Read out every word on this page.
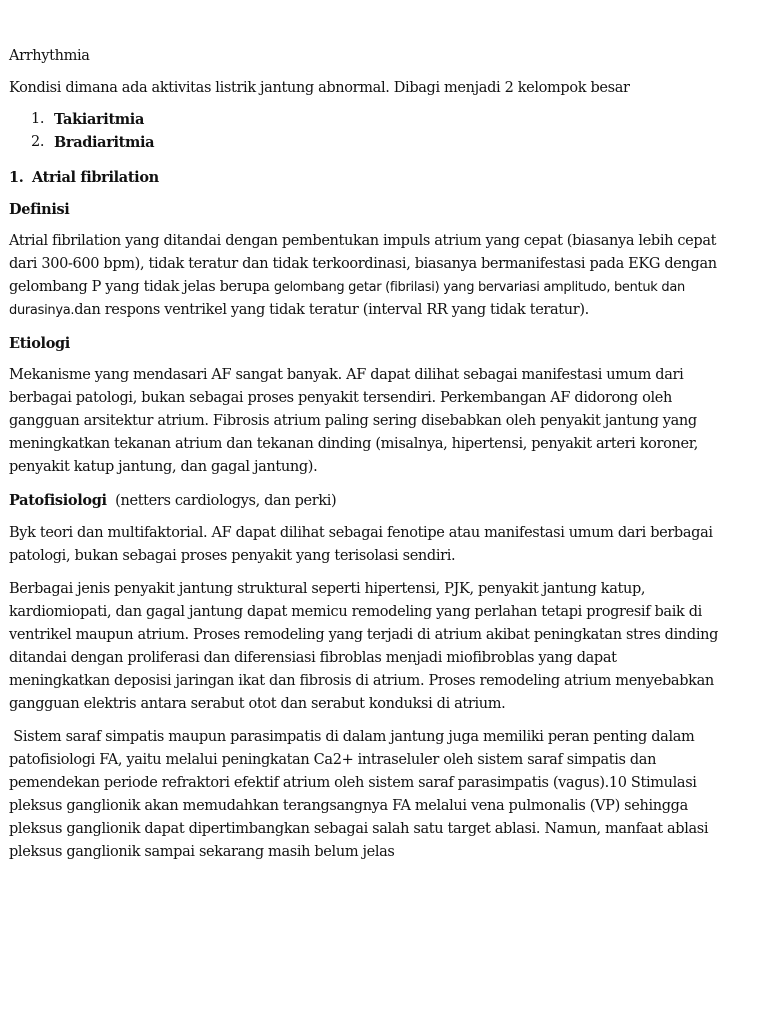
Arrhythmia

Kondisi dimana ada aktivitas listrik jantung abnormal. Dibagi menjadi 2 kelompok besar

1. Takiaritmia
2. Bradiaritmia
1. Atrial fibrilation

Definisi

Atrial fibrilation yang ditandai dengan pembentukan impuls atrium yang cepat (biasanya lebih cepat dari 300-600 bpm), tidak teratur dan tidak terkoordinasi, biasanya bermanifestasi pada EKG dengan gelombang P yang tidak jelas berupa gelombang getar (fibrilasi) yang bervariasi amplitudo, bentuk dan durasinya.dan respons ventrikel yang tidak teratur (interval RR yang tidak teratur).

Etiologi

Mekanisme yang mendasari AF sangat banyak. AF dapat dilihat sebagai manifestasi umum dari berbagai patologi, bukan sebagai proses penyakit tersendiri. Perkembangan AF didorong oleh gangguan arsitektur atrium. Fibrosis atrium paling sering disebabkan oleh penyakit jantung yang meningkatkan tekanan atrium dan tekanan dinding (misalnya, hipertensi, penyakit arteri koroner, penyakit katup jantung, dan gagal jantung).

Patofisiologi  (netters cardiologys, dan perki)

Byk teori dan multifaktorial. AF dapat dilihat sebagai fenotipe atau manifestasi umum dari berbagai patologi, bukan sebagai proses penyakit yang terisolasi sendiri.

Berbagai jenis penyakit jantung struktural seperti hipertensi, PJK, penyakit jantung katup, kardiomiopati, dan gagal jantung dapat memicu remodeling yang perlahan tetapi progresif baik di ventrikel maupun atrium. Proses remodeling yang terjadi di atrium akibat peningkatan stres dinding ditandai dengan proliferasi dan diferensiasi fibroblas menjadi miofibroblas yang dapat meningkatkan deposisi jaringan ikat dan fibrosis di atrium. Proses remodeling atrium menyebabkan gangguan elektris antara serabut otot dan serabut konduksi di atrium.

Sistem saraf simpatis maupun parasimpatis di dalam jantung juga memiliki peran penting dalam patofisiologi FA, yaitu melalui peningkatan Ca2+ intraseluler oleh sistem saraf simpatis dan pemendekan periode refraktori efektif atrium oleh sistem saraf parasimpatis (vagus).10 Stimulasi pleksus ganglionik akan memudahkan terangsangnya FA melalui vena pulmonalis (VP) sehingga pleksus ganglionik dapat dipertimbangkan sebagai salah satu target ablasi. Namun, manfaat ablasi pleksus ganglionik sampai sekarang masih belum jelas
